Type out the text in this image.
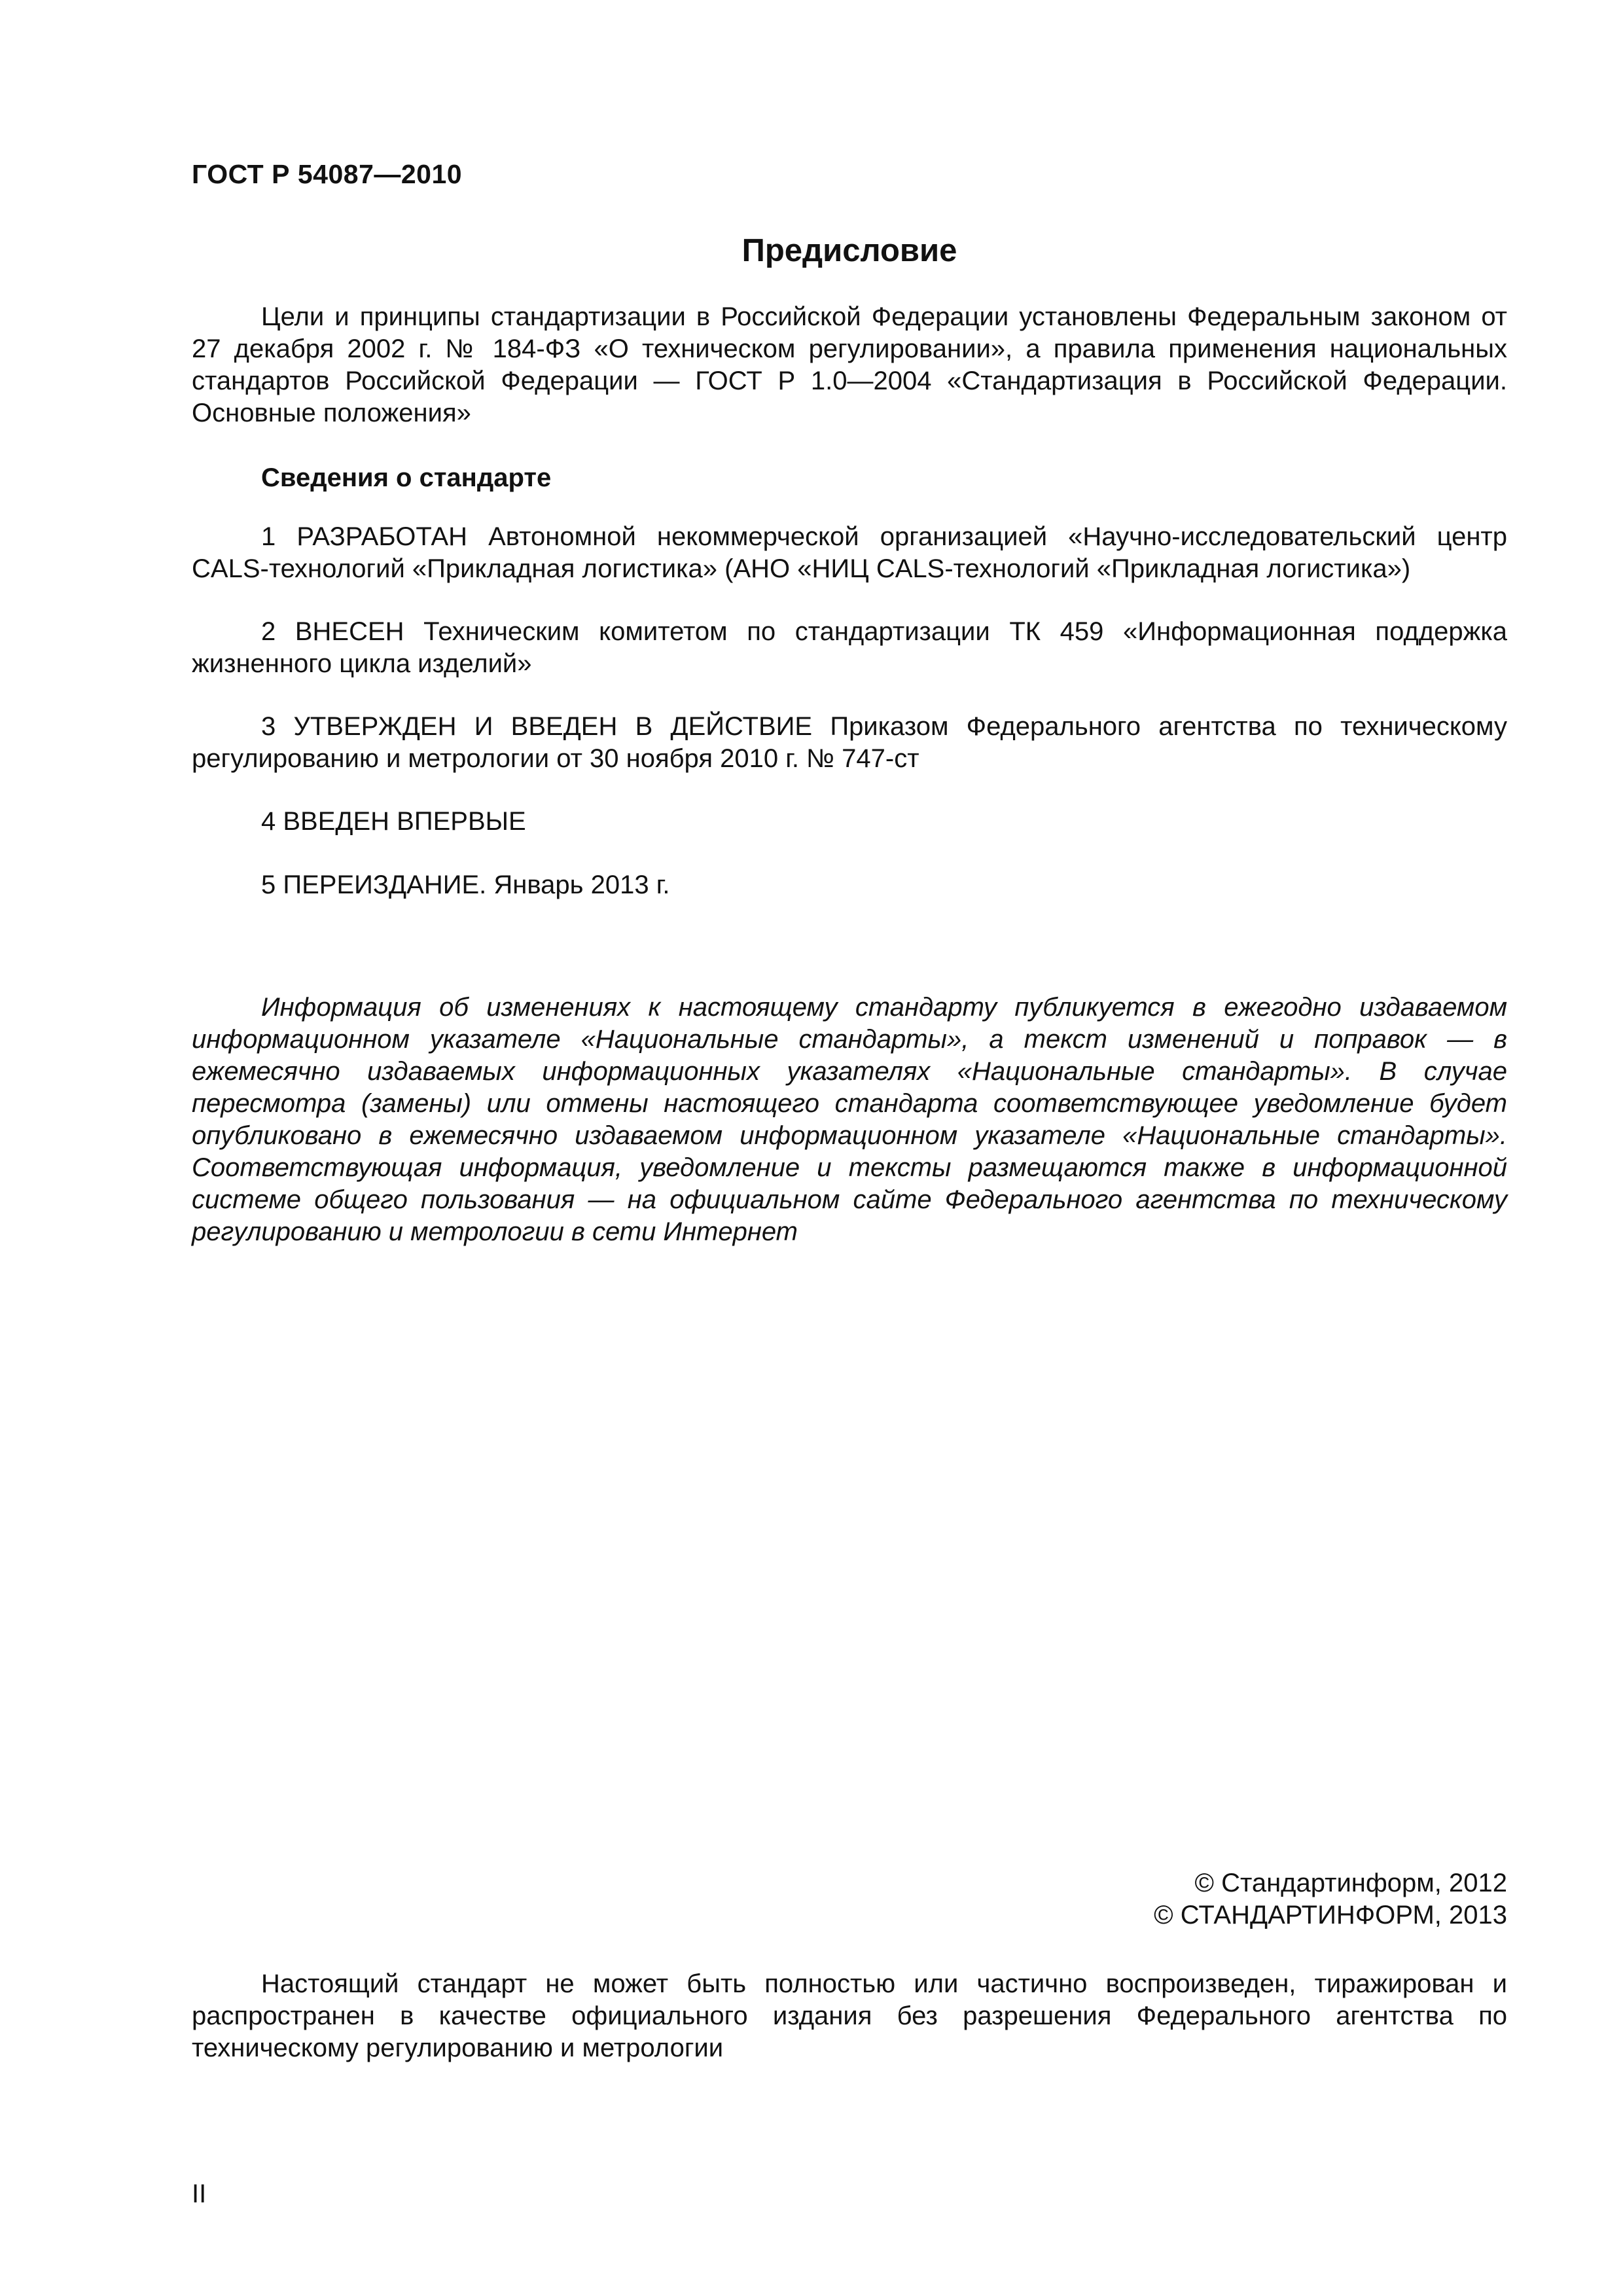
ГОСТ Р 54087—2010
Предисловие
Цели и принципы стандартизации в Российской Федерации установлены Федеральным законом от 27 декабря 2002 г. № 184-ФЗ «О техническом регулировании», а правила применения национальных стандартов Российской Федерации — ГОСТ Р 1.0—2004 «Стандартизация в Российской Федерации. Основные положения»
Сведения о стандарте
1 РАЗРАБОТАН Автономной некоммерческой организацией «Научно-исследовательский центр CALS-технологий «Прикладная логистика» (АНО «НИЦ CALS-технологий «Прикладная логистика»)
2 ВНЕСЕН Техническим комитетом по стандартизации ТК 459 «Информационная поддержка жизненного цикла изделий»
3 УТВЕРЖДЕН И ВВЕДЕН В ДЕЙСТВИЕ Приказом Федерального агентства по техническому регулированию и метрологии от 30 ноября 2010 г. № 747-ст
4 ВВЕДЕН ВПЕРВЫЕ
5 ПЕРЕИЗДАНИЕ. Январь 2013 г.
Информация об изменениях к настоящему стандарту публикуется в ежегодно издаваемом информационном указателе «Национальные стандарты», а текст изменений и поправок — в ежемесячно издаваемых информационных указателях «Национальные стандарты». В случае пересмотра (замены) или отмены настоящего стандарта соответствующее уведомление будет опубликовано в ежемесячно издаваемом информационном указателе «Национальные стандарты». Соответствующая информация, уведомление и тексты размещаются также в информационной системе общего пользования — на официальном сайте Федерального агентства по техническому регулированию и метрологии в сети Интернет
© Стандартинформ, 2012
© СТАНДАРТИНФОРМ, 2013
Настоящий стандарт не может быть полностью или частично воспроизведен, тиражирован и распространен в качестве официального издания без разрешения Федерального агентства по техническому регулированию и метрологии
II
